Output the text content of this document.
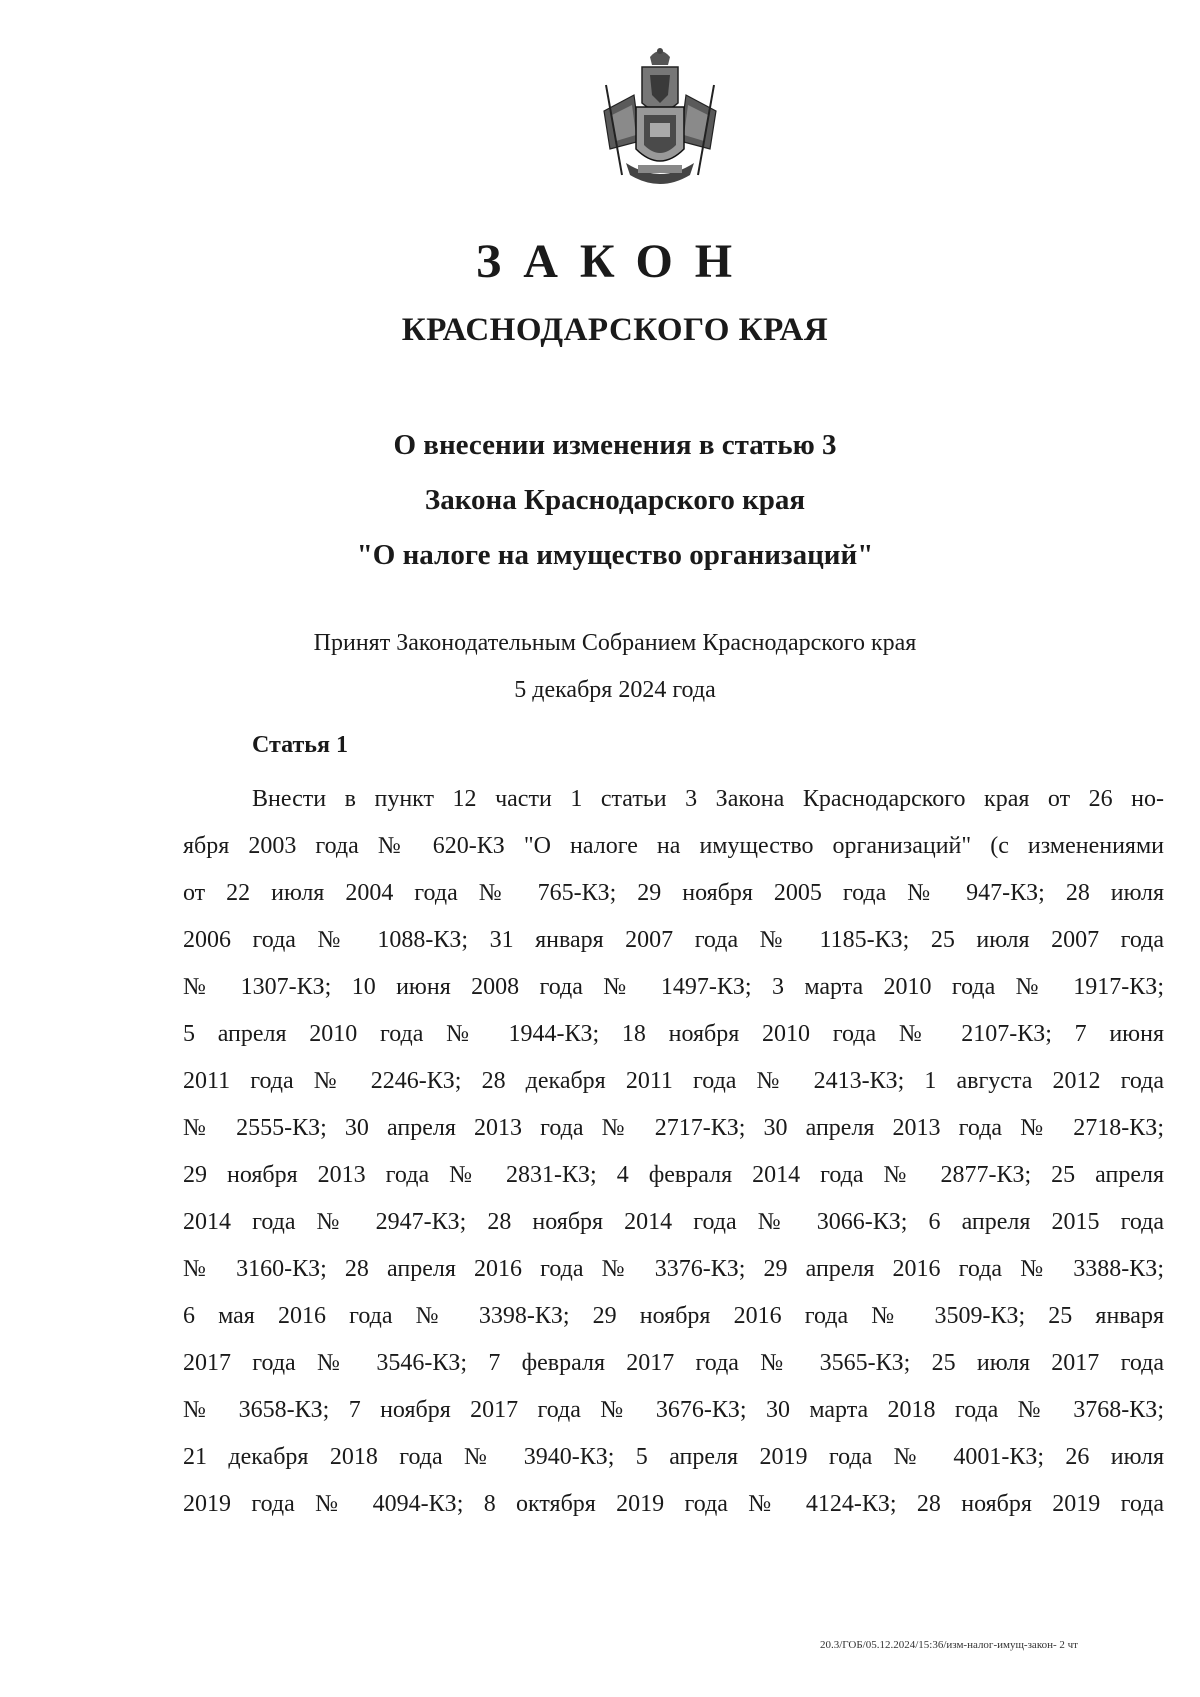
ЗАКОН
КРАСНОДАРСКОГО КРАЯ
О внесении изменения в статью 3
Закона Краснодарского края
"О налоге на имущество организаций"
Принят Законодательным Собранием Краснодарского края
5 декабря 2024 года
Статья 1
Внести в пункт 12 части 1 статьи 3 Закона Краснодарского края от 26 но-
ября 2003 года № 620-КЗ "О налоге на имущество организаций" (с изменениями
от 22 июля 2004 года № 765-КЗ; 29 ноября 2005 года № 947-КЗ; 28 июля
2006 года № 1088-КЗ; 31 января 2007 года № 1185-КЗ; 25 июля 2007 года
№ 1307-КЗ; 10 июня 2008 года № 1497-КЗ; 3 марта 2010 года № 1917-КЗ;
5 апреля 2010 года № 1944-КЗ; 18 ноября 2010 года № 2107-КЗ; 7 июня
2011 года № 2246-КЗ; 28 декабря 2011 года № 2413-КЗ; 1 августа 2012 года
№ 2555-КЗ; 30 апреля 2013 года № 2717-КЗ; 30 апреля 2013 года № 2718-КЗ;
29 ноября 2013 года № 2831-КЗ; 4 февраля 2014 года № 2877-КЗ; 25 апреля
2014 года № 2947-КЗ; 28 ноября 2014 года № 3066-КЗ; 6 апреля 2015 года
№ 3160-КЗ; 28 апреля 2016 года № 3376-КЗ; 29 апреля 2016 года № 3388-КЗ;
6 мая 2016 года № 3398-КЗ; 29 ноября 2016 года № 3509-КЗ; 25 января
2017 года № 3546-КЗ; 7 февраля 2017 года № 3565-КЗ; 25 июля 2017 года
№ 3658-КЗ; 7 ноября 2017 года № 3676-КЗ; 30 марта 2018 года № 3768-КЗ;
21 декабря 2018 года № 3940-КЗ; 5 апреля 2019 года № 4001-КЗ; 26 июля
2019 года № 4094-КЗ; 8 октября 2019 года № 4124-КЗ; 28 ноября 2019 года
20.3/ГОБ/05.12.2024/15:36/изм-налог-имущ-закон- 2 чт
